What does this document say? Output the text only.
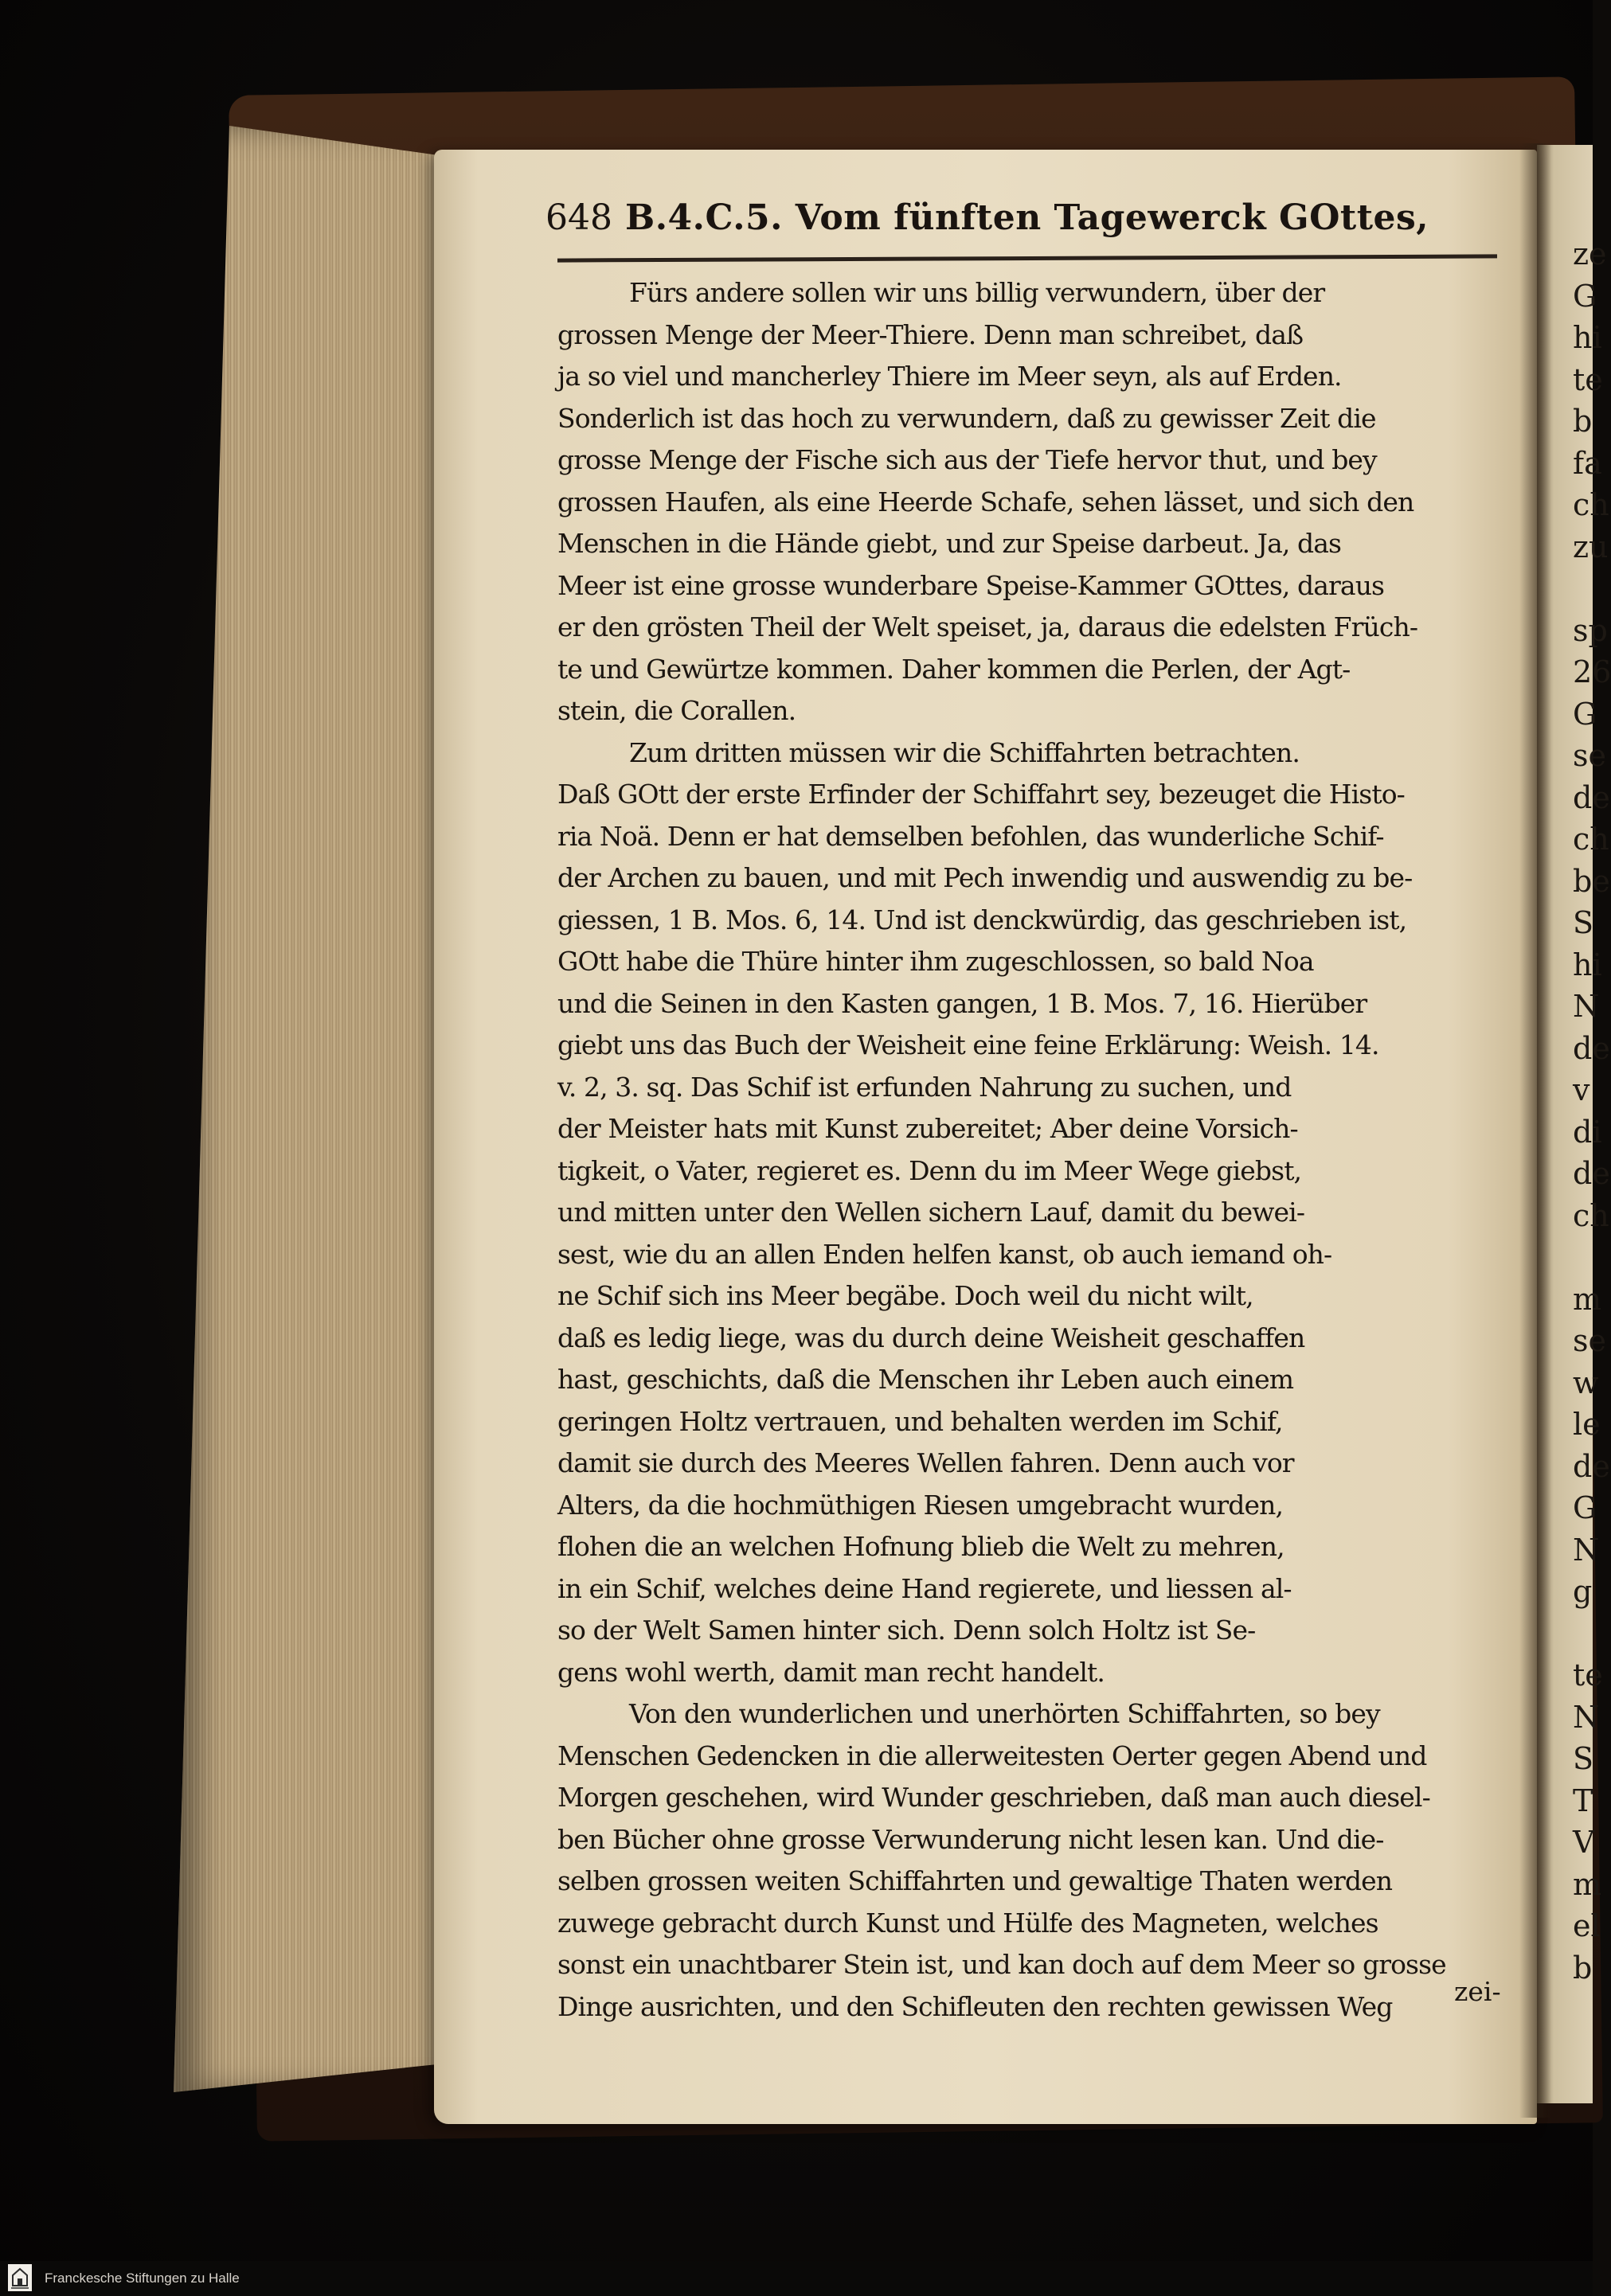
ze
G
hi
te
b
fa
ch
zu
sp
26
G
se
de
ch
be
S
hi
N
de
v
di
de
ch
m
se
w
le
de
G
N
g
te
N
S
T
V
m
el
b
648 B.4.C.5. Vom fünften Tagewerck GOttes,
Fürs andere sollen wir uns billig verwundern, über der
grossen Menge der Meer-Thiere. Denn man schreibet, daß
ja so viel und mancherley Thiere im Meer seyn, als auf Erden.
Sonderlich ist das hoch zu verwundern, daß zu gewisser Zeit die
grosse Menge der Fische sich aus der Tiefe hervor thut, und bey
grossen Haufen, als eine Heerde Schafe, sehen lässet, und sich den
Menschen in die Hände giebt, und zur Speise darbeut. Ja, das
Meer ist eine grosse wunderbare Speise-Kammer GOttes, daraus
er den grösten Theil der Welt speiset, ja, daraus die edelsten Früch-
te und Gewürtze kommen. Daher kommen die Perlen, der Agt-
stein, die Corallen.
Zum dritten müssen wir die Schiffahrten betrachten.
Daß GOtt der erste Erfinder der Schiffahrt sey, bezeuget die Histo-
ria Noä. Denn er hat demselben befohlen, das wunderliche Schif-
der Archen zu bauen, und mit Pech inwendig und auswendig zu be-
giessen, 1 B. Mos. 6, 14. Und ist denckwürdig, das geschrieben ist,
GOtt habe die Thüre hinter ihm zugeschlossen, so bald Noa
und die Seinen in den Kasten gangen, 1 B. Mos. 7, 16. Hierüber
giebt uns das Buch der Weisheit eine feine Erklärung: Weish. 14.
v. 2, 3. sq. Das Schif ist erfunden Nahrung zu suchen, und
der Meister hats mit Kunst zubereitet; Aber deine Vorsich-
tigkeit, o Vater, regieret es. Denn du im Meer Wege giebst,
und mitten unter den Wellen sichern Lauf, damit du bewei-
sest, wie du an allen Enden helfen kanst, ob auch iemand oh-
ne Schif sich ins Meer begäbe. Doch weil du nicht wilt,
daß es ledig liege, was du durch deine Weisheit geschaffen
hast, geschichts, daß die Menschen ihr Leben auch einem
geringen Holtz vertrauen, und behalten werden im Schif,
damit sie durch des Meeres Wellen fahren. Denn auch vor
Alters, da die hochmüthigen Riesen umgebracht wurden,
flohen die an welchen Hofnung blieb die Welt zu mehren,
in ein Schif, welches deine Hand regierete, und liessen al-
so der Welt Samen hinter sich. Denn solch Holtz ist Se-
gens wohl werth, damit man recht handelt.
Von den wunderlichen und unerhörten Schiffahrten, so bey
Menschen Gedencken in die allerweitesten Oerter gegen Abend und
Morgen geschehen, wird Wunder geschrieben, daß man auch diesel-
ben Bücher ohne grosse Verwunderung nicht lesen kan. Und die-
selben grossen weiten Schiffahrten und gewaltige Thaten werden
zuwege gebracht durch Kunst und Hülfe des Magneten, welches
sonst ein unachtbarer Stein ist, und kan doch auf dem Meer so grosse
Dinge ausrichten, und den Schifleuten den rechten gewissen Weg	zei-
Franckesche Stiftungen zu Halle
